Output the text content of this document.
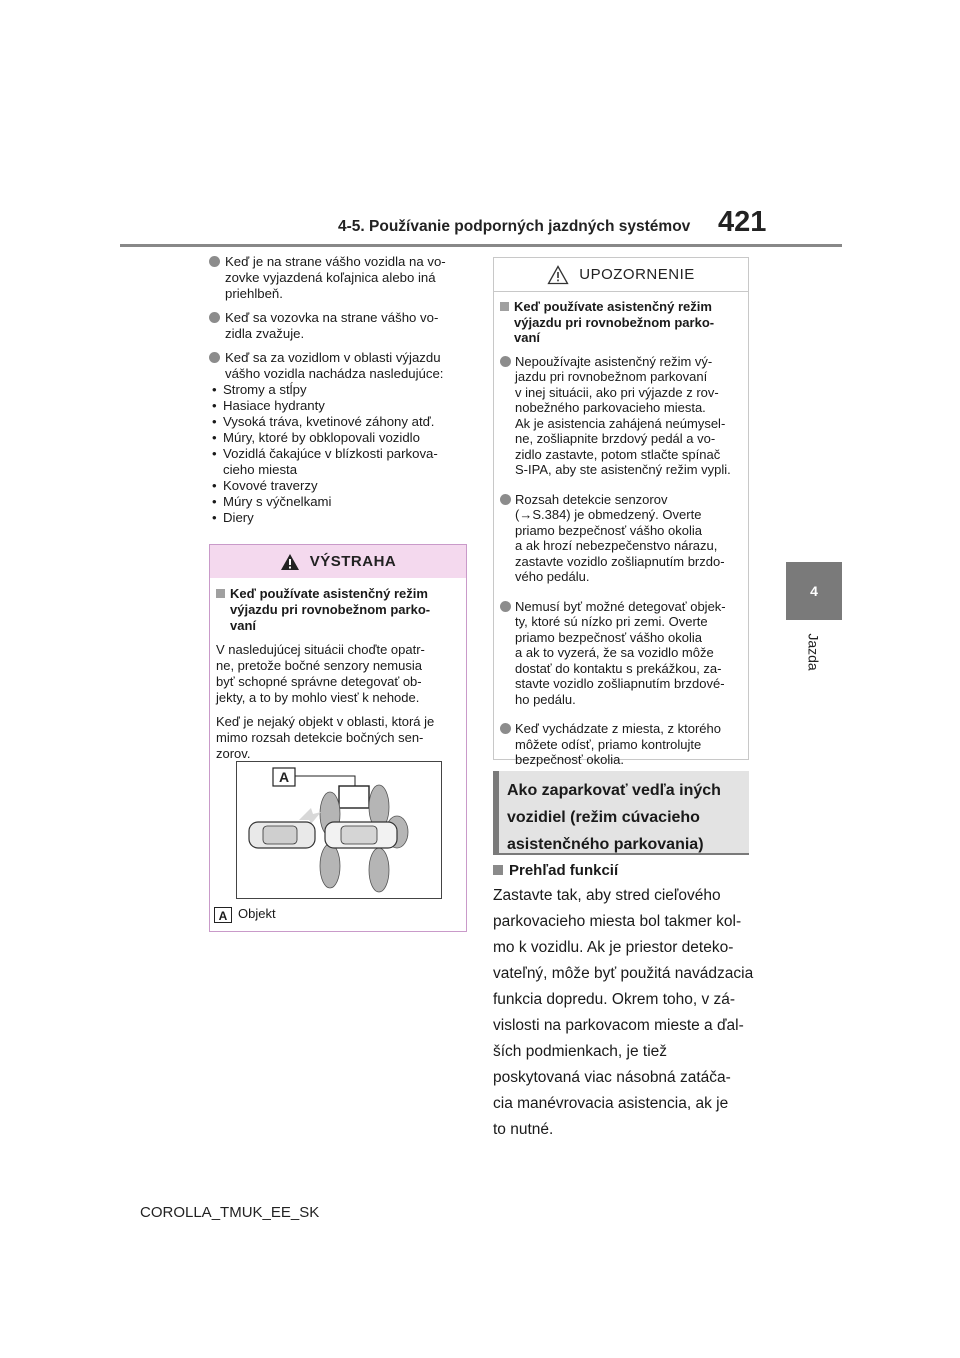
4-5. Používanie podporných jazdných systémov 421
4
Jazda
Keď je na strane vášho vozidla na vo-
zovke vyjazdená koľajnica alebo iná
priehlbeň.
Keď sa vozovka na strane vášho vo-
zidla zvažuje.
Keď sa za vozidlom v oblasti výjazdu
vášho vozidla nachádza nasledujúce:
• Stromy a stĺpy
• Hasiace hydranty
• Vysoká tráva, kvetinové záhony atď.
• Múry, ktoré by obklopovali vozidlo
• Vozidlá čakajúce v blízkosti parkova-
cieho miesta
• Kovové traverzy
• Múry s výčnelkami
• Diery
VÝSTRAHA
Keď používate asistenčný režim
výjazdu pri rovnobežnom parko-
vaní
V nasledujúcej situácii choďte opatr-
ne, pretože bočné senzory nemusia
byť schopné správne detegovať ob-
jekty, a to by mohlo viesť k nehode.
Keď je nejaký objekt v oblasti, ktorá je
mimo rozsah detekcie bočných sen-
zorov.
A
A Objekt
UPOZORNENIE
Keď používate asistenčný režim
výjazdu pri rovnobežnom parko-
vaní
Nepoužívajte asistenčný režim vý-
jazdu pri rovnobežnom parkovaní
v inej situácii, ako pri výjazde z rov-
nobežného parkovacieho miesta.
Ak je asistencia zahájená neúmysel-
ne, zošliapnite brzdový pedál a vo-
zidlo zastavte, potom stlačte spínač
S-IPA, aby ste asistenčný režim vypli.
Rozsah detekcie senzorov
(→S.384) je obmedzený. Overte
priamo bezpečnosť vášho okolia
a ak hrozí nebezpečenstvo nárazu,
zastavte vozidlo zošliapnutím brzdo-
vého pedálu.
Nemusí byť možné detegovať objek-
ty, ktoré sú nízko pri zemi. Overte
priamo bezpečnosť vášho okolia
a ak to vyzerá, že sa vozidlo môže
dostať do kontaktu s prekážkou, za-
stavte vozidlo zošliapnutím brzdové-
ho pedálu.
Keď vychádzate z miesta, z ktorého
môžete odísť, priamo kontrolujte
bezpečnosť okolia.
Ako zaparkovať vedľa iných
vozidiel (režim cúvacieho
asistenčného parkovania)
Prehľad funkcií
Zastavte tak, aby stred cieľového
parkovacieho miesta bol takmer kol-
mo k vozidlu. Ak je priestor deteko-
vateľný, môže byť použitá navádzacia
funkcia dopredu. Okrem toho, v zá-
vislosti na parkovacom mieste a ďal-
ších podmienkach, je tiež
poskytovaná viac násobná zatáča-
cia manévrovacia asistencia, ak je
to nutné.
COROLLA_TMUK_EE_SK
